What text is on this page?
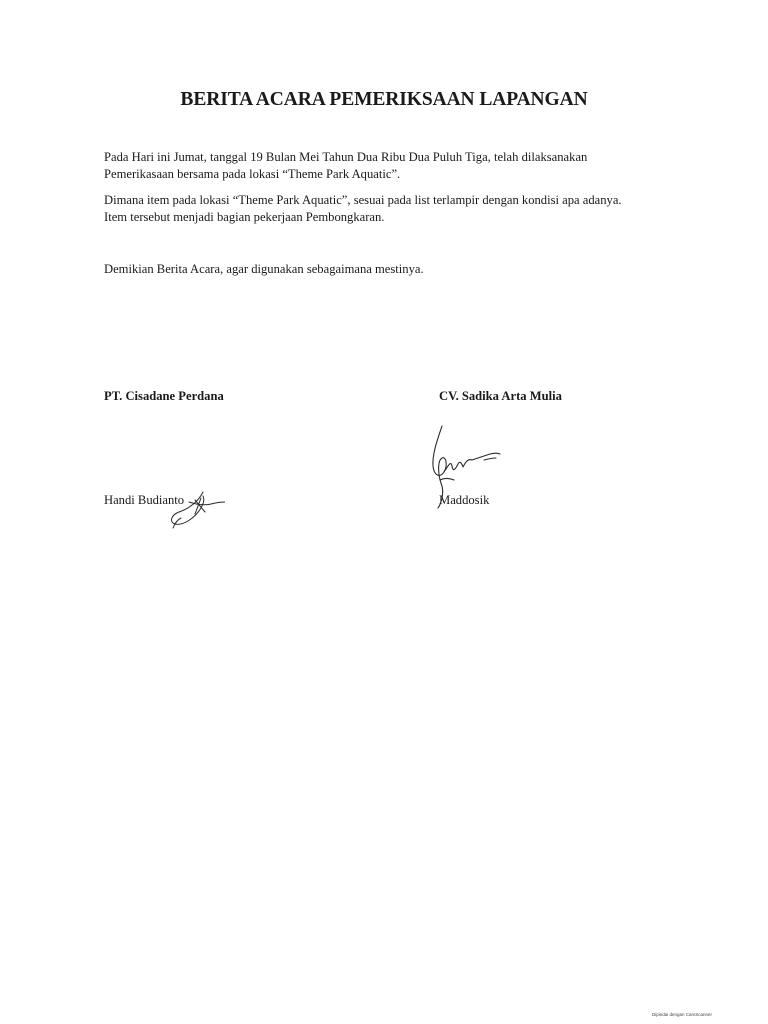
BERITA ACARA PEMERIKSAAN LAPANGAN
Pada Hari ini Jumat, tanggal 19 Bulan Mei Tahun Dua Ribu Dua Puluh Tiga, telah dilaksanakan
Pemerikasaan bersama pada lokasi “Theme Park Aquatic”.
Dimana item pada lokasi “Theme Park Aquatic”, sesuai pada list terlampir dengan kondisi apa adanya.
Item tersebut menjadi bagian pekerjaan Pembongkaran.
Demikian Berita Acara, agar digunakan sebagaimana mestinya.
PT. Cisadane Perdana	CV. Sadika Arta Mulia
Handi Budianto	Maddosik
Dipindai dengan CamScanner
